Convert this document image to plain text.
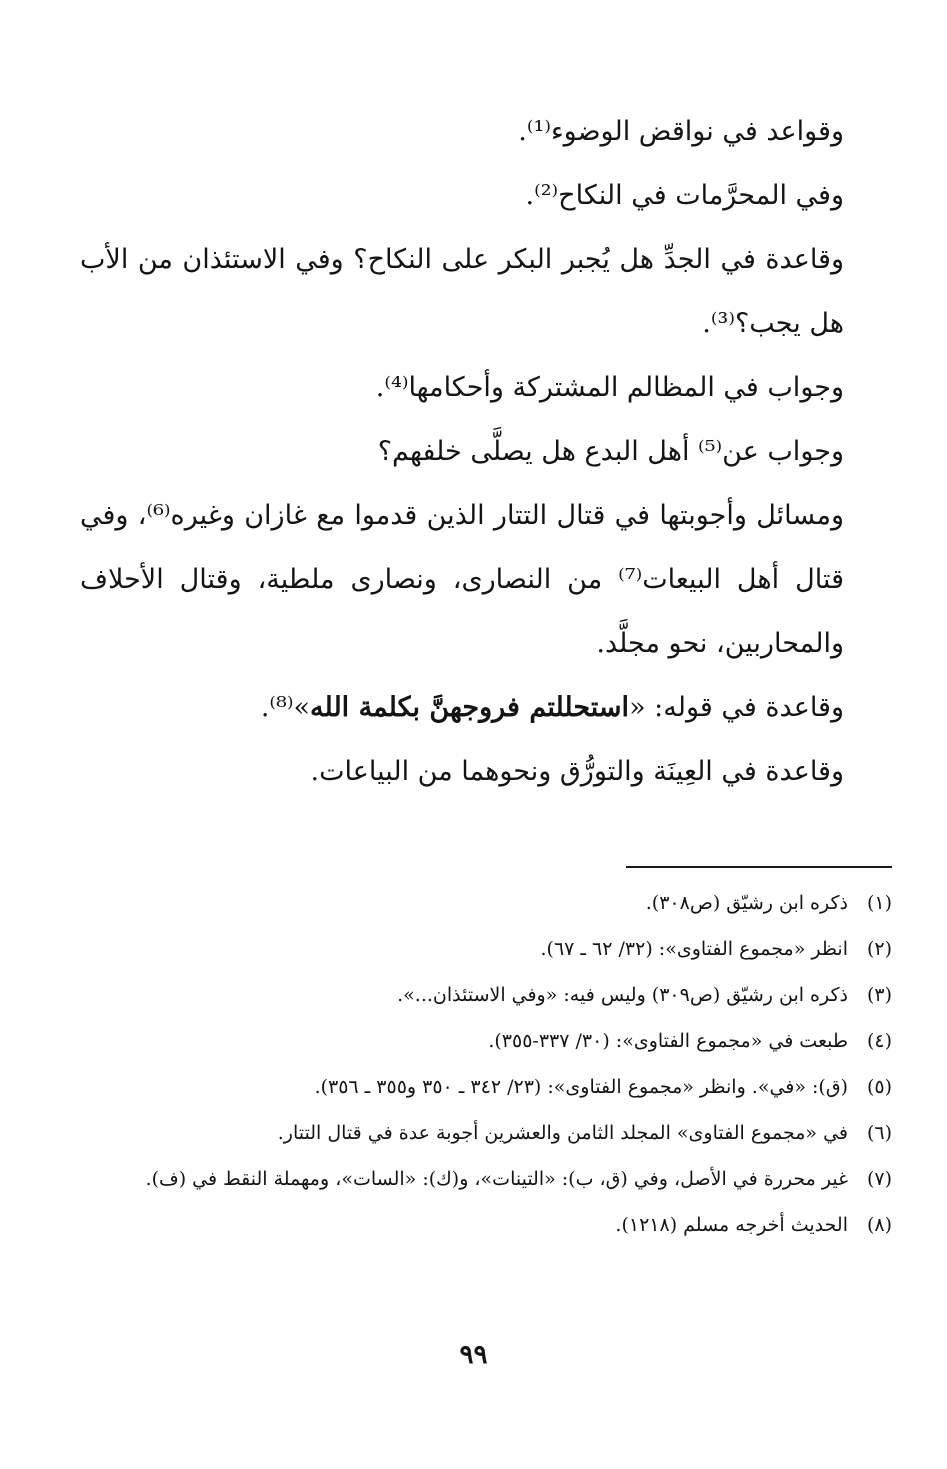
وقواعد في نواقض الوضوء⁽¹⁾.

وفي المحرَّمات في النكاح⁽²⁾.

وقاعدة في الجدِّ هل يُجبر البكر على النكاح؟ وفي الاستئذان من الأب هل يجب؟⁽³⁾.

وجواب في المظالم المشتركة وأحكامها⁽⁴⁾.

وجواب عن⁽⁵⁾ أهل البدع هل يصلَّى خلفهم؟

ومسائل وأجوبتها في قتال التتار الذين قدموا مع غازان وغيره⁽⁶⁾، وفي قتال أهل البيعات⁽⁷⁾ من النصارى، ونصارى ملطية، وقتال الأحلاف والمحاربين، نحو مجلَّد.

وقاعدة في قوله: «استحللتم فروجهنَّ بكلمة الله»⁽⁸⁾.

وقاعدة في العِينَة والتورُّق ونحوهما من البياعات.

(١)
ذكره ابن رشيّق (ص٣٠٨).
(٢)
انظر «مجموع الفتاوى»: (٣٢/ ٦٢ ـ ٦٧).
(٣)
ذكره ابن رشيّق (ص٣٠٩) وليس فيه: «وفي الاستئذان...».
(٤)
طبعت في «مجموع الفتاوى»: (٣٠/ ٣٣٧-٣٥٥).
(٥)
(ق): «في». وانظر «مجموع الفتاوى»: (٢٣/ ٣٤٢ ـ ٣٥٠ و٣٥٥ ـ ٣٥٦).
(٦)
في «مجموع الفتاوى» المجلد الثامن والعشرين أجوبة عدة في قتال التتار.
(٧)
غير محررة في الأصل، وفي (ق، ب): «التينات»، و(ك): «السات»، ومهملة النقط في (ف).
(٨)
الحديث أخرجه مسلم (١٢١٨).
٩٩
